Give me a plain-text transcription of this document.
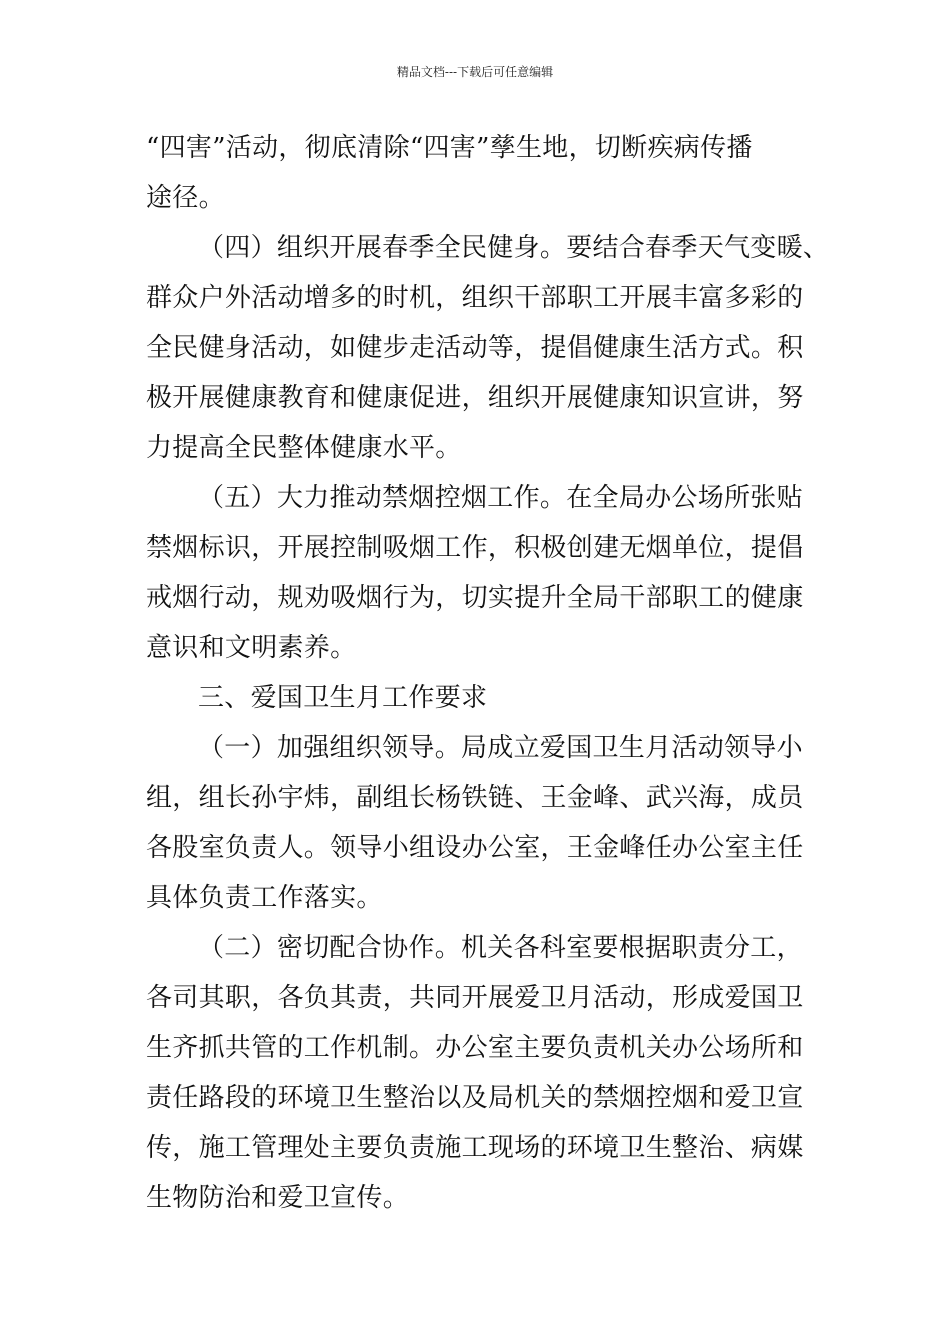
精品文档---下载后可任意编辑
“四害”活动，彻底清除“四害”孳生地，切断疾病传播
途径。
（四）组织开展春季全民健身。要结合春季天气变暖、
群众户外活动增多的时机，组织干部职工开展丰富多彩的
全民健身活动，如健步走活动等，提倡健康生活方式。积
极开展健康教育和健康促进，组织开展健康知识宣讲，努
力提高全民整体健康水平。
（五）大力推动禁烟控烟工作。在全局办公场所张贴
禁烟标识，开展控制吸烟工作，积极创建无烟单位，提倡
戒烟行动，规劝吸烟行为，切实提升全局干部职工的健康
意识和文明素养。
三、爱国卫生月工作要求
（一）加强组织领导。局成立爱国卫生月活动领导小
组，组长孙宇炜，副组长杨铁链、王金峰、武兴海，成员
各股室负责人。领导小组设办公室，王金峰任办公室主任
具体负责工作落实。
（二）密切配合协作。机关各科室要根据职责分工，
各司其职，各负其责，共同开展爱卫月活动，形成爱国卫
生齐抓共管的工作机制。办公室主要负责机关办公场所和
责任路段的环境卫生整治以及局机关的禁烟控烟和爱卫宣
传，施工管理处主要负责施工现场的环境卫生整治、病媒
生物防治和爱卫宣传。
